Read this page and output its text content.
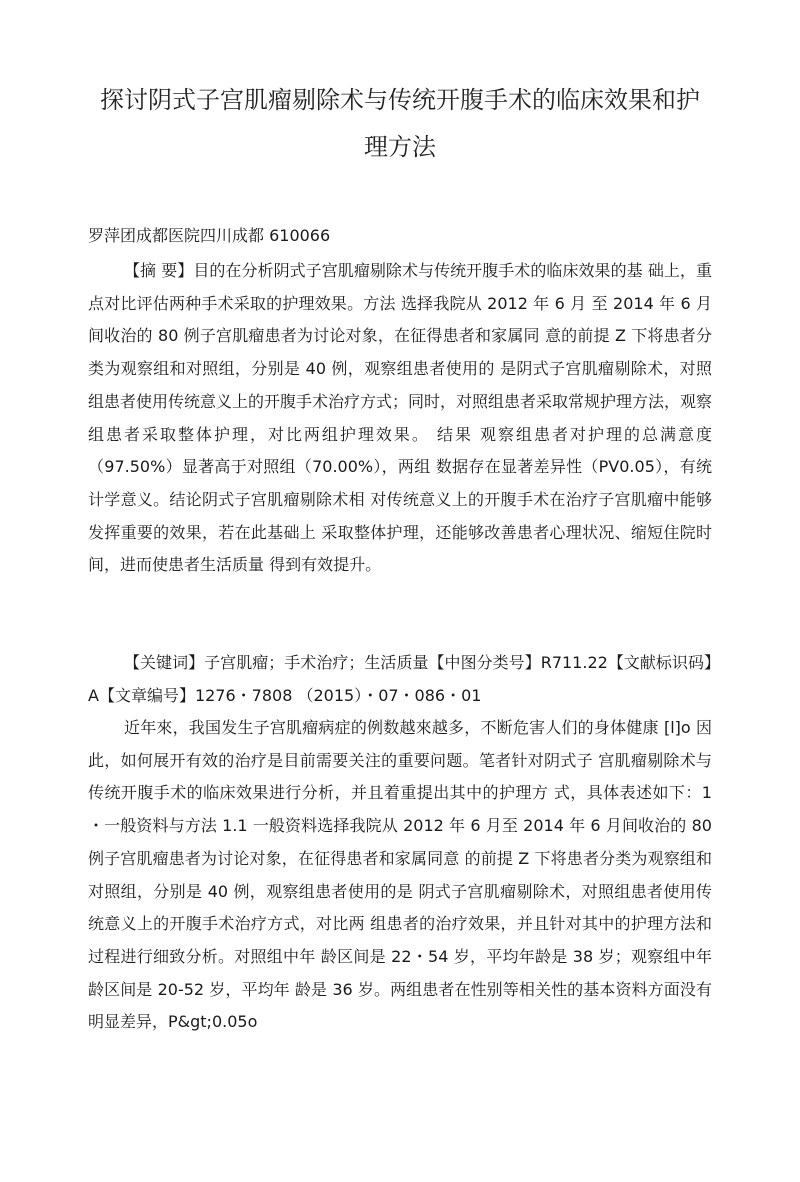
探讨阴式子宫肌瘤剔除术与传统开腹手术的临床效果和护
理方法
罗萍团成都医院四川成都 610066

【摘 要】目的在分析阴式子宫肌瘤剔除术与传统开腹手术的临床效果的基 础上，重点对比评估两种手术采取的护理效果。方法 选择我院从 2012 年 6 月 至 2014 年 6 月间收治的 80 例子宫肌瘤患者为讨论对象，在征得患者和家属同 意的前提 Z 下将患者分类为观察组和对照组，分别是 40 例，观察组患者使用的 是阴式子宫肌瘤剔除术，对照组患者使用传统意义上的开腹手术治疗方式；同时，对照组患者采取常规护理方法，观察组患者采取整体护理，对比两组护理效果。 结果 观察组患者对护理的总满意度（97.50%）显著高于对照组（70.00%），两组 数据存在显著差异性（PV0.05），有统计学意义。结论阴式子宫肌瘤剔除术相 对传统意义上的开腹手术在治疗子宫肌瘤中能够发挥重要的效果，若在此基础上 采取整体护理，还能够改善患者心理状况、缩短住院时间，进而使患者生活质量 得到有效提升。

【关键词】子宫肌瘤；手术治疗；生活质量【中图分类号】R711.22【文献标识码】A【文章编号】1276・7808 （2015）・07・086・01

近年來，我国发生子宫肌瘤病症的例数越來越多，不断危害人们的身体健康 [l]o 因此，如何展开有效的治疗是目前需要关注的重要问题。笔者针对阴式子 宫肌瘤剔除术与传统开腹手术的临床效果进行分析，并且着重提出其中的护理方 式，具体表述如下：1 ・一般资料与方法 1.1 一般资料选择我院从 2012 年 6 月至 2014 年 6 月间收治的 80 例子宫肌瘤患者为讨论对象，在征得患者和家属同意 的前提 Z 下将患者分类为观察组和对照组，分别是 40 例，观察组患者使用的是 阴式子宫肌瘤剔除术，对照组患者使用传统意义上的开腹手术治疗方式，对比两 组患者的治疗效果，并且针对其中的护理方法和过程进行细致分析。对照组中年 龄区间是 22・54 岁，平均年龄是 38 岁；观察组中年龄区间是 20-52 岁，平均年 龄是 36 岁。两组患者在性别等相关性的基本资料方面没有明显差异，P&gt;0.05o
